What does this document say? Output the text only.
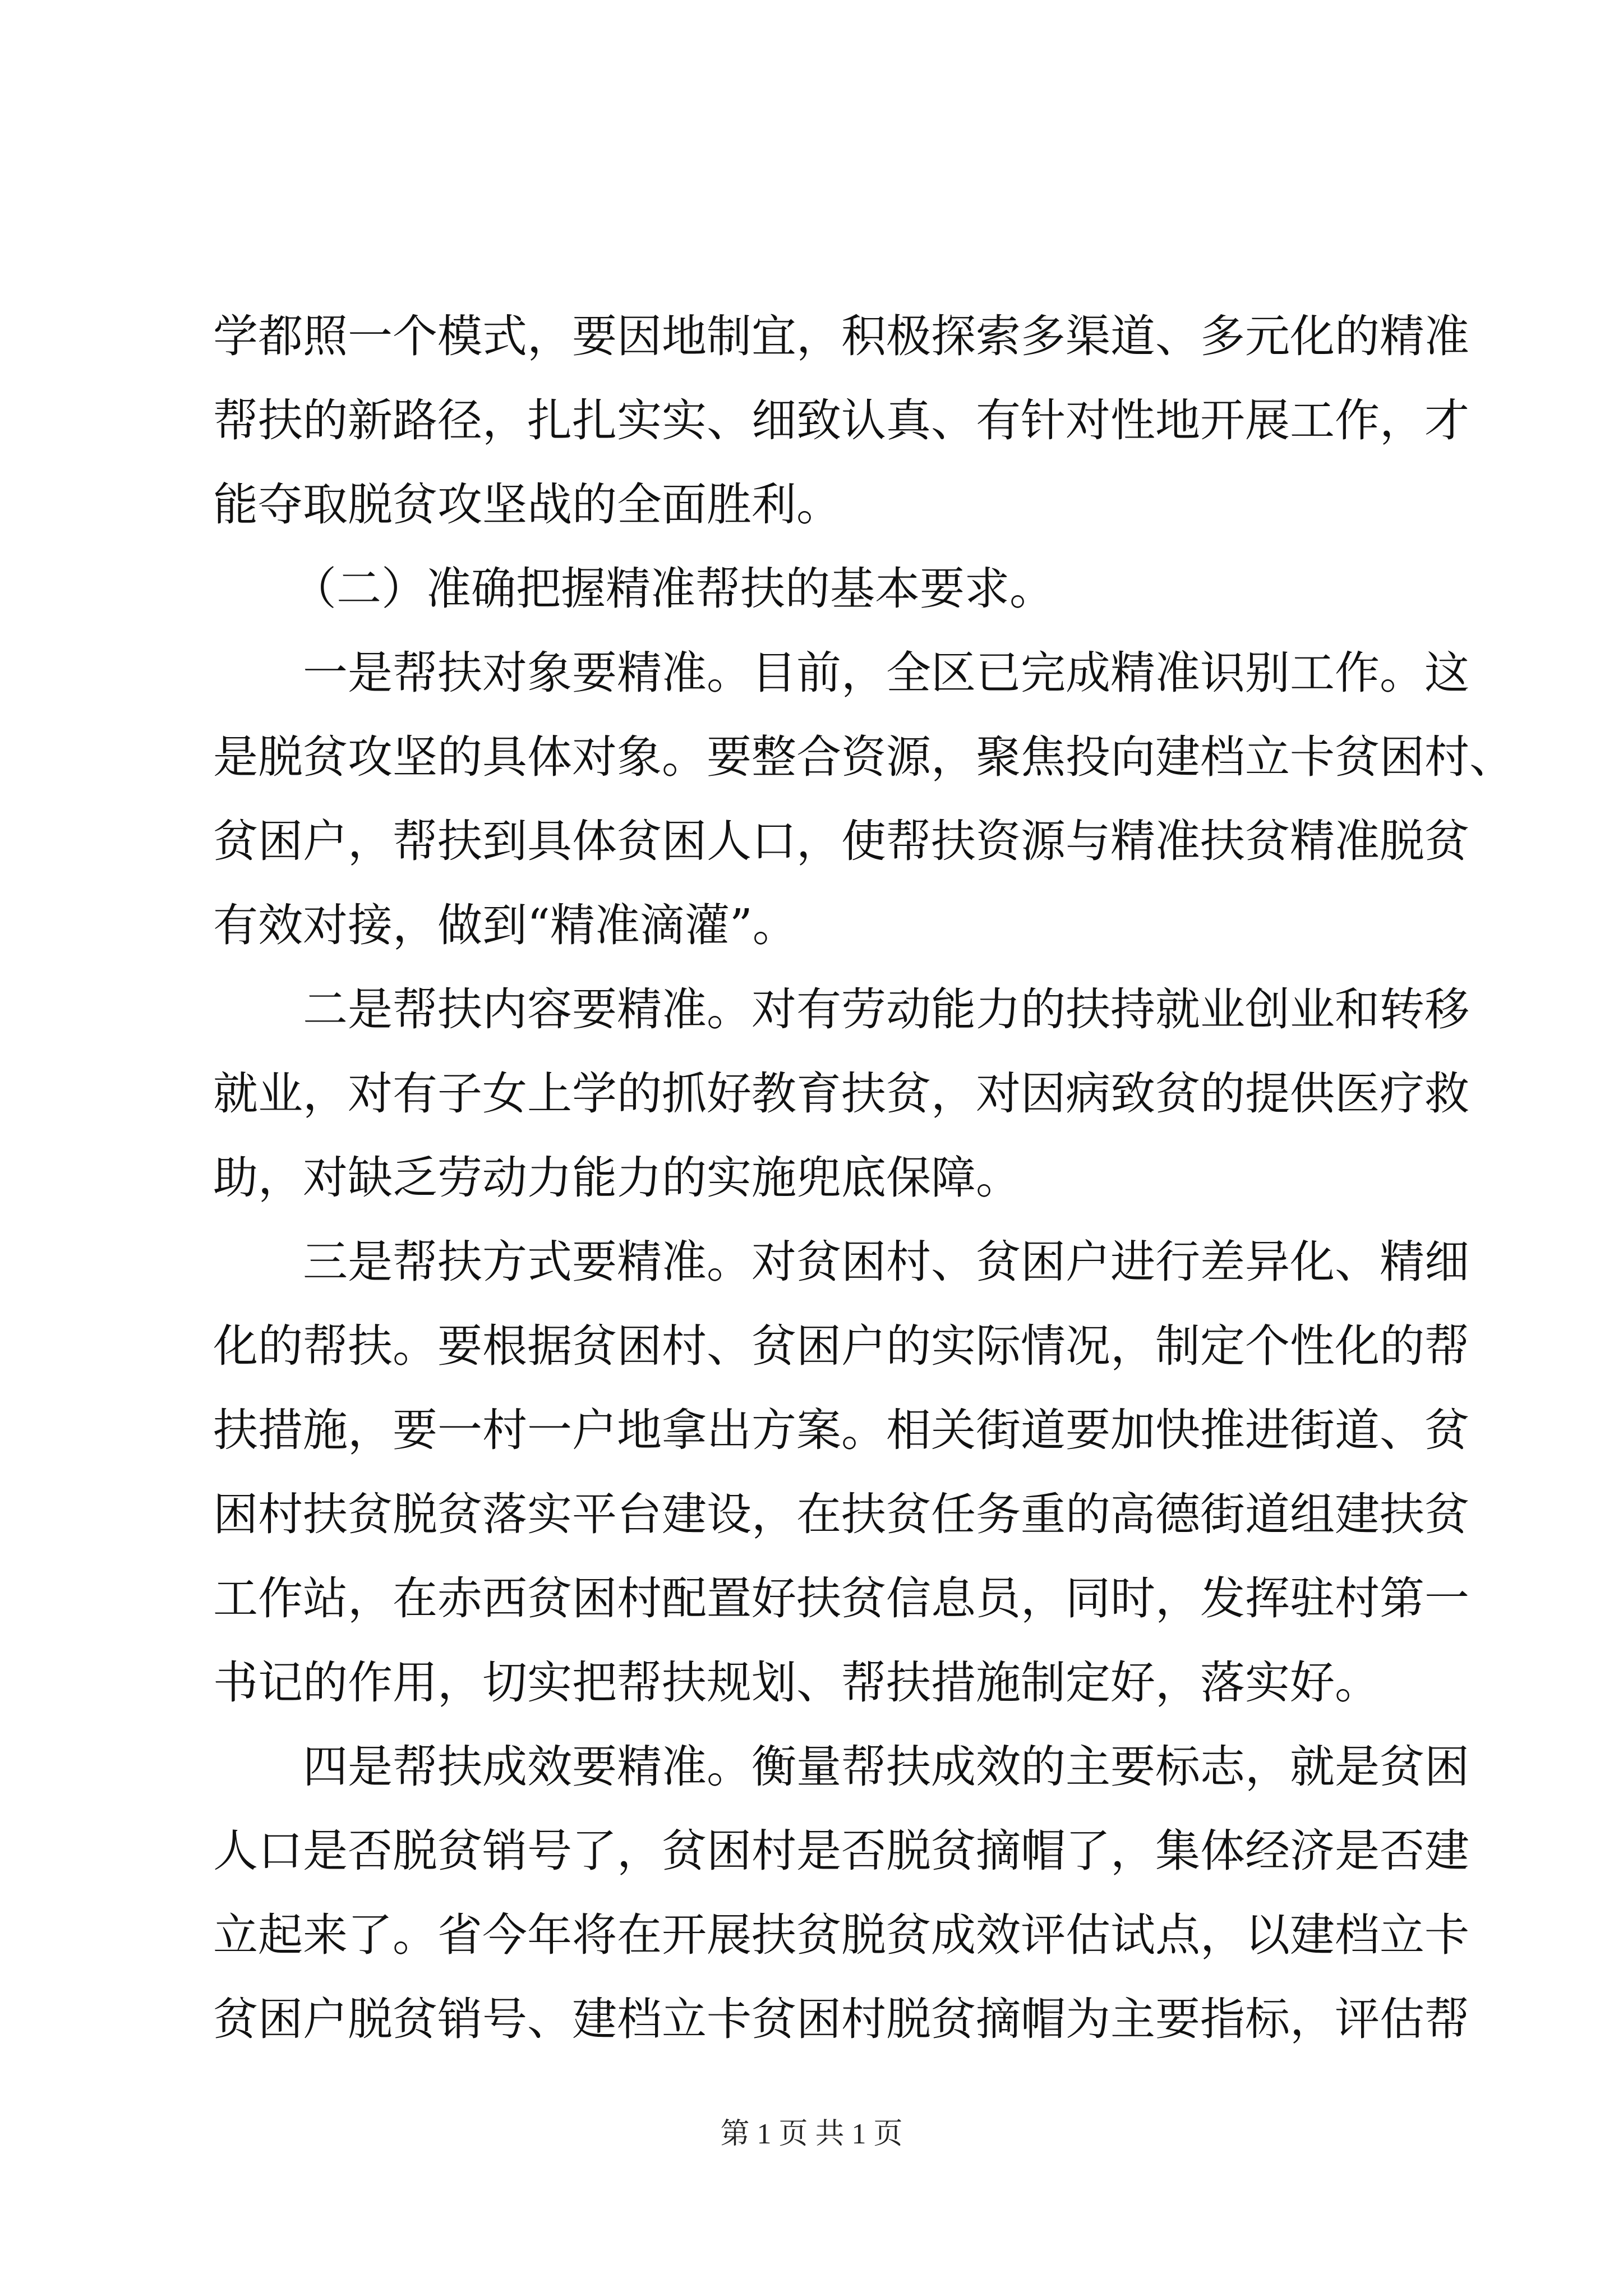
学都照一个模式，要因地制宜，积极探索多渠道、多元化的精准
帮扶的新路径，扎扎实实、细致认真、有针对性地开展工作，才
能夺取脱贫攻坚战的全面胜利。
（二）准确把握精准帮扶的基本要求。
一是帮扶对象要精准。目前，全区已完成精准识别工作。这
是脱贫攻坚的具体对象。要整合资源，聚焦投向建档立卡贫困村、
贫困户，帮扶到具体贫困人口，使帮扶资源与精准扶贫精准脱贫
有效对接，做到“精准滴灌”。
二是帮扶内容要精准。对有劳动能力的扶持就业创业和转移
就业，对有子女上学的抓好教育扶贫，对因病致贫的提供医疗救
助，对缺乏劳动力能力的实施兜底保障。
三是帮扶方式要精准。对贫困村、贫困户进行差异化、精细
化的帮扶。要根据贫困村、贫困户的实际情况，制定个性化的帮
扶措施，要一村一户地拿出方案。相关街道要加快推进街道、贫
困村扶贫脱贫落实平台建设，在扶贫任务重的高德街道组建扶贫
工作站，在赤西贫困村配置好扶贫信息员，同时，发挥驻村第一
书记的作用，切实把帮扶规划、帮扶措施制定好，落实好。
四是帮扶成效要精准。衡量帮扶成效的主要标志，就是贫困
人口是否脱贫销号了，贫困村是否脱贫摘帽了，集体经济是否建
立起来了。省今年将在开展扶贫脱贫成效评估试点，以建档立卡
贫困户脱贫销号、建档立卡贫困村脱贫摘帽为主要指标，评估帮
第 1 页 共 1 页
